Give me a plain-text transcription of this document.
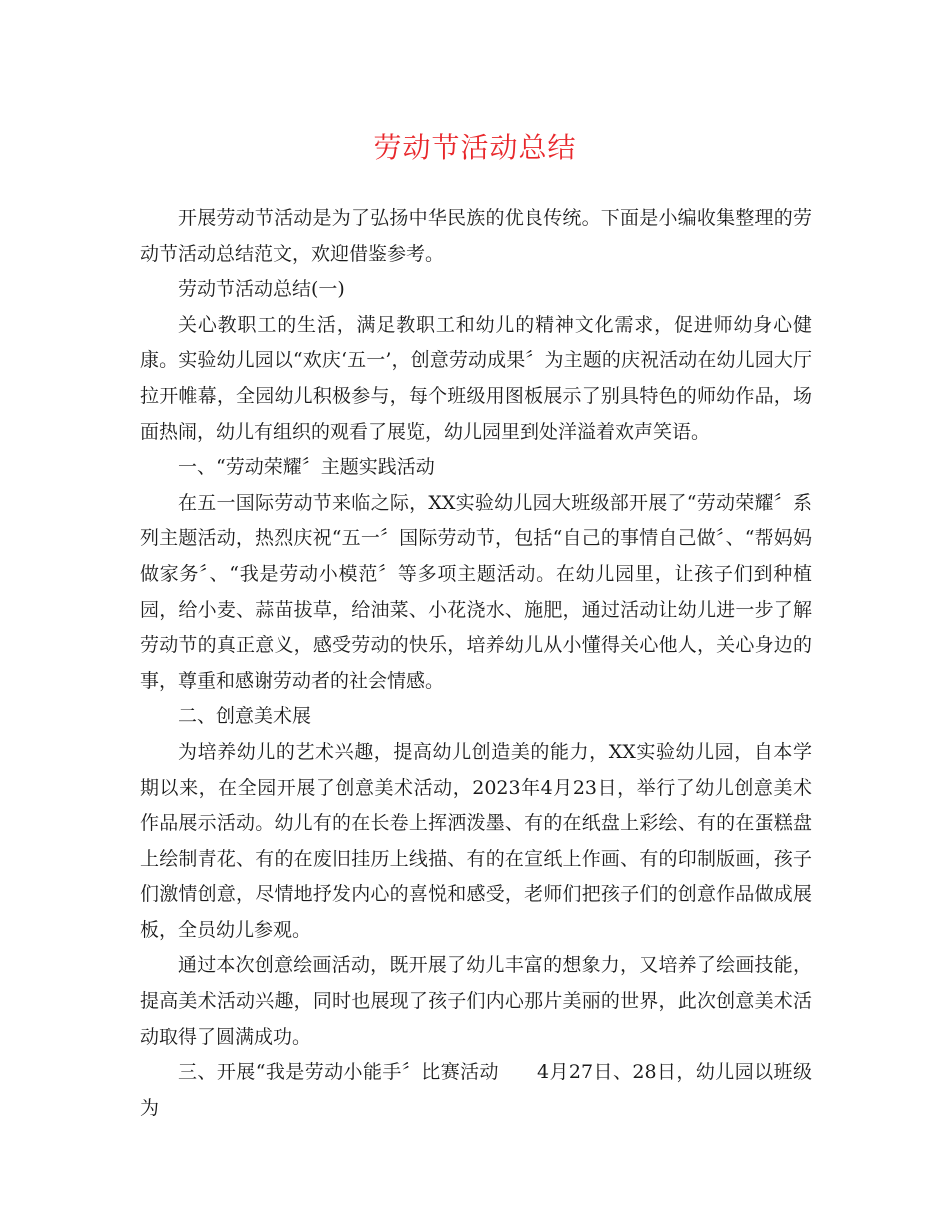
劳动节活动总结

开展劳动节活动是为了弘扬中华民族的优良传统。下面是小编收集整理的劳动节活动总结范文，欢迎借鉴参考。

劳动节活动总结(一)

关心教职工的生活，满足教职工和幼儿的精神文化需求，促进师幼身心健康。实验幼儿园以“欢庆‘五一’，创意劳动成果〞为主题的庆祝活动在幼儿园大厅拉开帷幕，全园幼儿积极参与，每个班级用图板展示了别具特色的师幼作品，场面热闹，幼儿有组织的观看了展览，幼儿园里到处洋溢着欢声笑语。

一、“劳动荣耀〞主题实践活动

在五一国际劳动节来临之际，XX实验幼儿园大班级部开展了“劳动荣耀〞系列主题活动，热烈庆祝“五一〞国际劳动节，包括“自己的事情自己做〞、“帮妈妈做家务〞、“我是劳动小模范〞等多项主题活动。在幼儿园里，让孩子们到种植园，给小麦、蒜苗拔草，给油菜、小花浇水、施肥，通过活动让幼儿进一步了解劳动节的真正意义，感受劳动的快乐，培养幼儿从小懂得关心他人，关心身边的事，尊重和感谢劳动者的社会情感。

二、创意美术展

为培养幼儿的艺术兴趣，提高幼儿创造美的能力，XX实验幼儿园，自本学期以来，在全园开展了创意美术活动，2023年4月23日，举行了幼儿创意美术作品展示活动。幼儿有的在长卷上挥洒泼墨、有的在纸盘上彩绘、有的在蛋糕盘上绘制青花、有的在废旧挂历上线描、有的在宣纸上作画、有的印制版画，孩子们激情创意，尽情地抒发内心的喜悦和感受，老师们把孩子们的创意作品做成展板，全员幼儿参观。

通过本次创意绘画活动，既开展了幼儿丰富的想象力，又培养了绘画技能，提高美术活动兴趣，同时也展现了孩子们内心那片美丽的世界，此次创意美术活动取得了圆满成功。

三、开展“我是劳动小能手〞比赛活动 4月27日、28日，幼儿园以班级为
